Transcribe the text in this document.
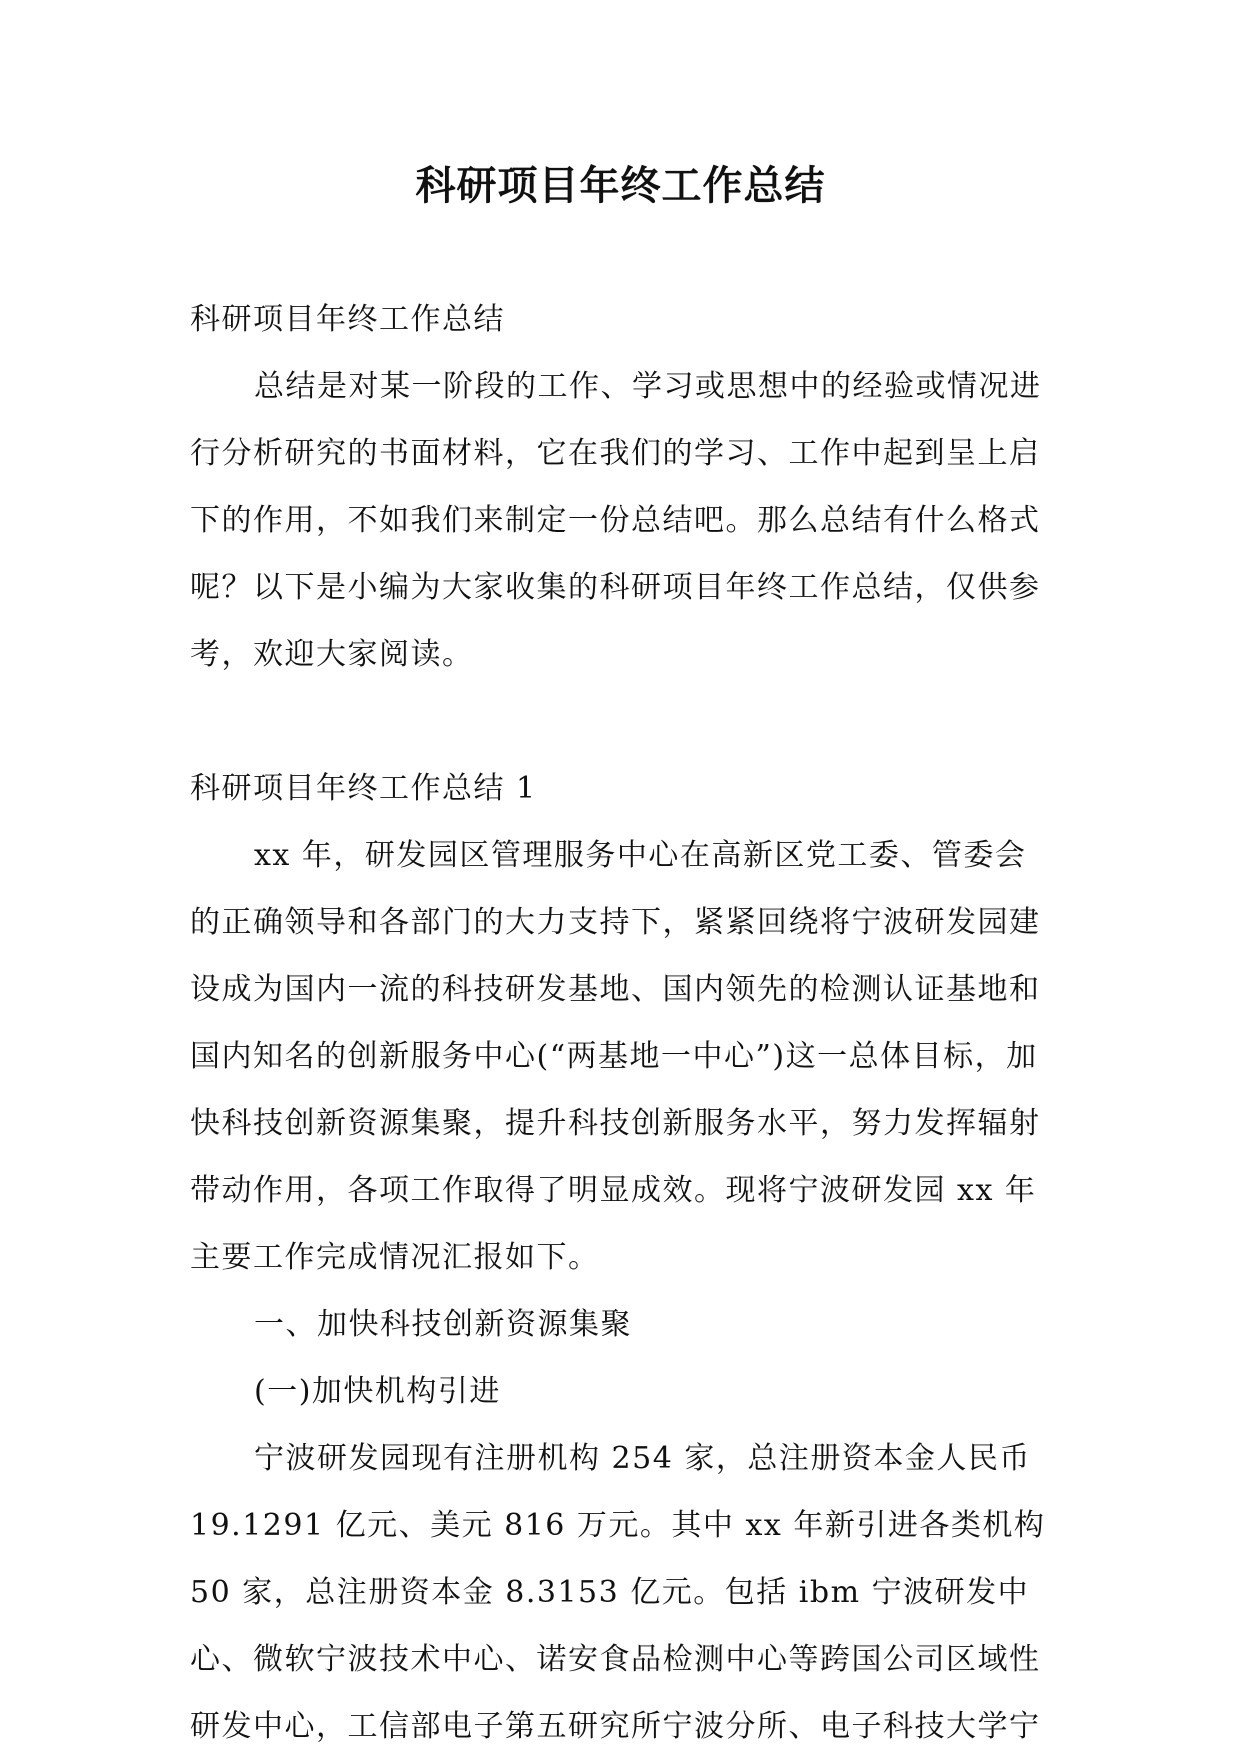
科研项目年终工作总结

科研项目年终工作总结

总结是对某一阶段的工作、学习或思想中的经验或情况进行分析研究的书面材料，它在我们的学习、工作中起到呈上启下的作用，不如我们来制定一份总结吧。那么总结有什么格式呢？以下是小编为大家收集的科研项目年终工作总结，仅供参考，欢迎大家阅读。

科研项目年终工作总结 1

xx 年，研发园区管理服务中心在高新区党工委、管委会的正确领导和各部门的大力支持下，紧紧回绕将宁波研发园建设成为国内一流的科技研发基地、国内领先的检测认证基地和国内知名的创新服务中心(“两基地一中心”)这一总体目标，加快科技创新资源集聚，提升科技创新服务水平，努力发挥辐射带动作用，各项工作取得了明显成效。现将宁波研发园 xx 年主要工作完成情况汇报如下。

一、加快科技创新资源集聚

(一)加快机构引进

宁波研发园现有注册机构 254 家，总注册资本金人民币 19.1291 亿元、美元 816 万元。其中 xx 年新引进各类机构 50 家，总注册资本金 8.3153 亿元。包括 ibm 宁波研发中心、微软宁波技术中心、诺安食品检测中心等跨国公司区域性研发中心，工信部电子第五研究所宁波分所、电子科技大学宁
